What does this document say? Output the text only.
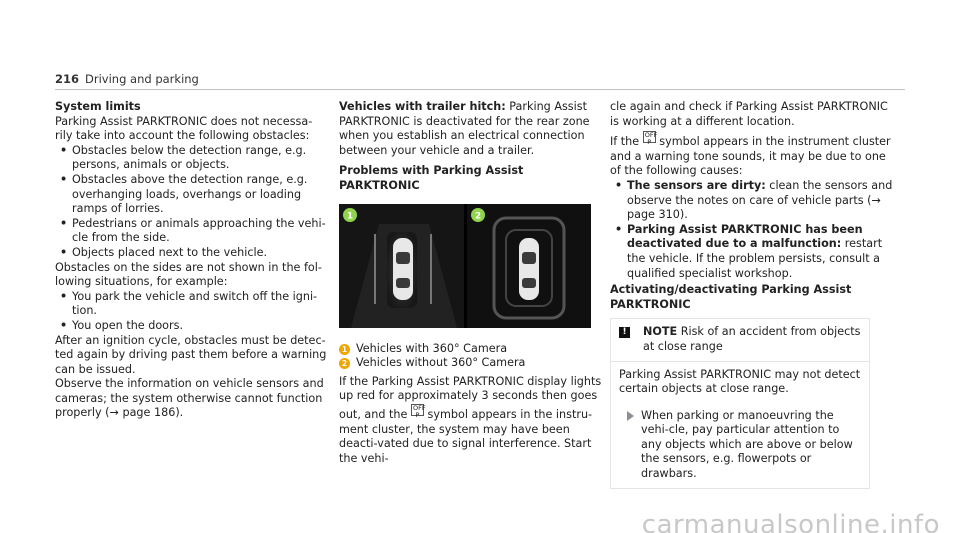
216 Driving and parking
System limits

Parking Assist PARKTRONIC does not necessa-rily take into account the following obstacles:

• Obstacles below the detection range, e.g. persons, animals or objects.
• Obstacles above the detection range, e.g. overhanging loads, overhangs or loading ramps of lorries.
• Pedestrians or animals approaching the vehi-cle from the side.
• Objects placed next to the vehicle.

Obstacles on the sides are not shown in the fol-lowing situations, for example:

• You park the vehicle and switch off the igni-tion.
• You open the doors.

After an ignition cycle, obstacles must be detec-ted again by driving past them before a warning can be issued.

Observe the information on vehicle sensors and cameras; the system otherwise cannot function properly (→ page 186).

Vehicles with trailer hitch: Parking Assist PARKTRONIC is deactivated for the rear zone when you establish an electrical connection between your vehicle and a trailer.

Problems with Parking Assist PARKTRONIC
1	2

1 Vehicles with 360° Camera

2 Vehicles without 360° Camera

If the Parking Assist PARKTRONIC display lights up red for approximately 3 seconds then goes out, and the OFF P symbol appears in the instru-ment cluster, the system may have been deacti-vated due to signal interference. Start the vehi-

cle again and check if Parking Assist PARKTRONIC is working at a different location.

If the OFF P symbol appears in the instrument cluster and a warning tone sounds, it may be due to one of the following causes:

• The sensors are dirty: clean the sensors and observe the notes on care of vehicle parts (→ page 310).
• Parking Assist PARKTRONIC has been deactivated due to a malfunction: restart the vehicle. If the problem persists, consult a qualified specialist workshop.
Activating/deactivating Parking Assist PARKTRONIC
!	NOTE Risk of an accident from objects at close range

Parking Assist PARKTRONIC may not detect certain objects at close range.

When parking or manoeuvring the vehi-cle, pay particular attention to any objects which are above or below the sensors, e.g. flowerpots or drawbars.
carmanualsonline.info
